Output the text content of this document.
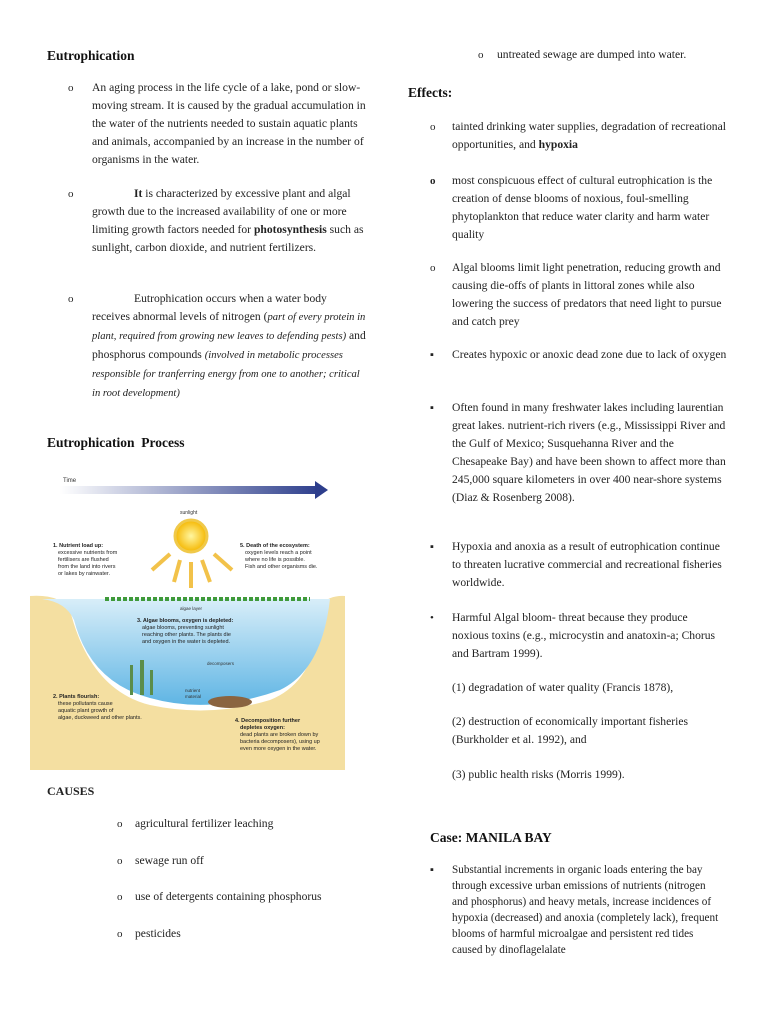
Eutrophication
o An aging process in the life cycle of a lake, pond or slow-moving stream. It is caused by the gradual accumulation in the water of the nutrients needed to sustain aquatic plants and animals, accompanied by an increase in the number of organisms in the water.
o	It is characterized by excessive plant and algal growth due to the increased availability of one or more limiting growth factors needed for photosynthesis such as sunlight, carbon dioxide, and nutrient fertilizers.
o	Eutrophication occurs when a water body receives abnormal levels of nitrogen (part of every protein in plant, required from growing new leaves to defending pests) and phosphorus compounds (involved in metabolic processes responsible for tranferring energy from one to another; critical in root development)
Eutrophication  Process
Time
sunlight
algae layer
decomposers
nutrient
material
1. Nutrient load up:
excessive nutrients from
fertilisers are flushed
from the land into rivers
or lakes by rainwater.
5. Death of the ecosystem:
oxygen levels reach a point
where no life is possible.
Fish and other organisms die.
3. Algae blooms, oxygen is depleted:
algae blooms, preventing sunlight
reaching other plants. The plants die
and oxygen in the water is depleted.
2. Plants flourish:
these pollutants cause
aquatic plant growth of
algae, duckweed and other plants.	4. Decomposition further
depletes oxygen:
dead plants are broken down by
bacteria decomposers), using up
even more oxygen in the water.
CAUSES
o agricultural fertilizer leaching
o sewage run off
o use of detergents containing phosphorus
o pesticides
o untreated sewage are dumped into water.
Effects:
o tainted drinking water supplies, degradation of recreational opportunities, and hypoxia
o most conspicuous effect of cultural eutrophication is the creation of dense blooms of noxious, foul-smelling phytoplankton that reduce water clarity and harm water quality
o Algal blooms limit light penetration, reducing growth and causing die-offs of plants in littoral zones while also lowering the success of predators that need light to pursue and catch prey
▪ Creates hypoxic or anoxic dead zone due to lack of oxygen
▪ Often found in many freshwater lakes including laurentian great lakes. nutrient-rich rivers (e.g., Mississippi River and the Gulf of Mexico; Susquehanna River and the Chesapeake Bay) and have been shown to affect more than 245,000 square kilometers in over 400 near-shore systems (Diaz & Rosenberg 2008).
▪ Hypoxia and anoxia as a result of eutrophication continue to threaten lucrative commercial and recreational fisheries worldwide.
• Harmful Algal bloom- threat because they produce noxious toxins (e.g., microcystin and anatoxin-a; Chorus and Bartram 1999).
(1) degradation of water quality (Francis 1878),
(2) destruction of economically important fisheries (Burkholder et al. 1992), and
(3) public health risks (Morris 1999).
Case: MANILA BAY
▪ Substantial increments in organic loads entering the bay through excessive urban emissions of nutrients (nitrogen and phosphorus) and heavy metals, increase incidences of hypoxia (decreased) and anoxia (completely lack), frequent blooms of harmful microalgae and persistent red tides caused by dinoflagelalate
